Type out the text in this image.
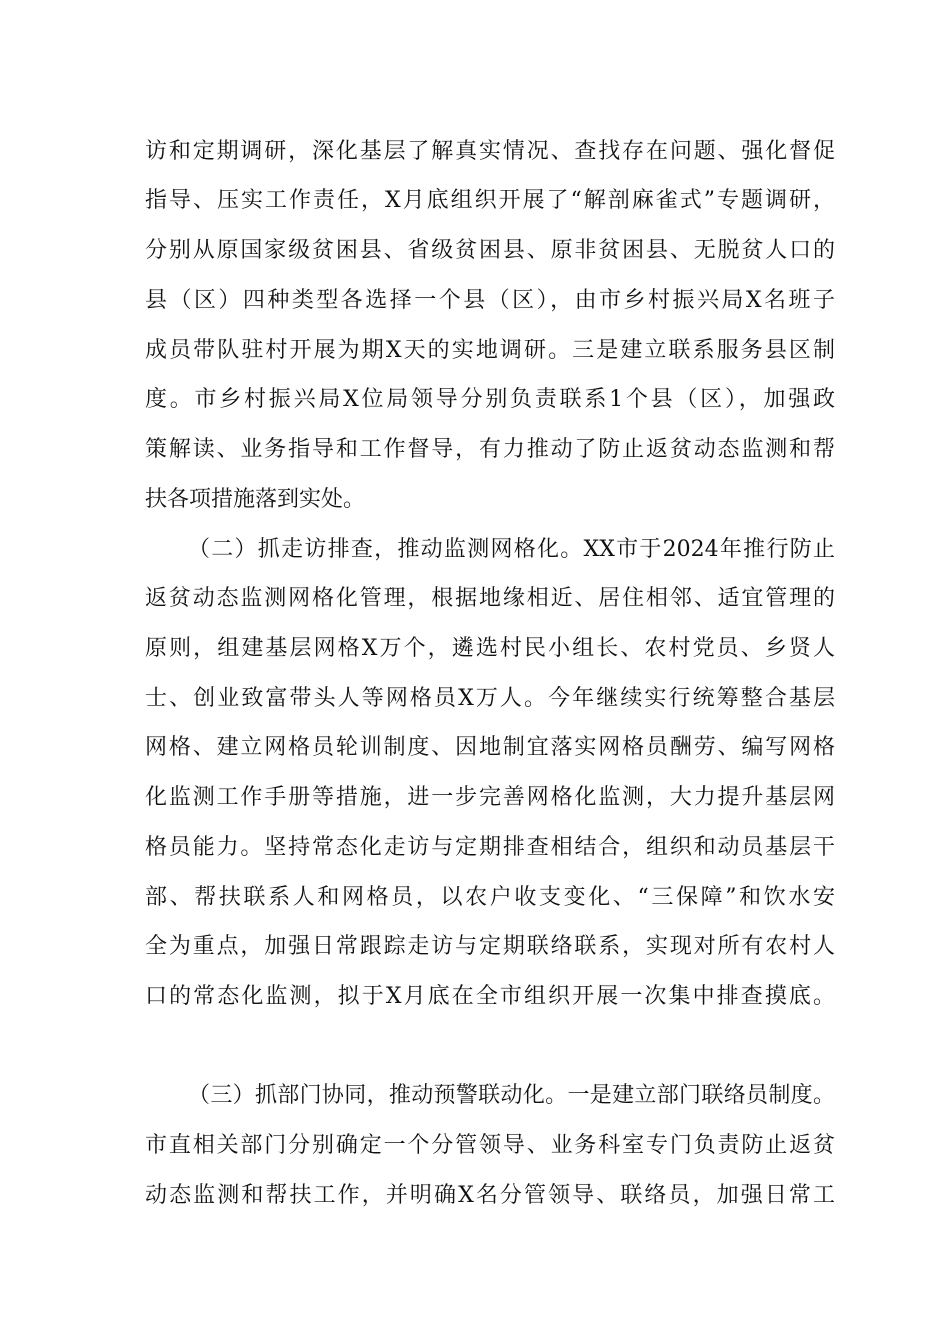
访和定期调研，深化基层了解真实情况、查找存在问题、强化督促
指导、压实工作责任，X月底组织开展了“解剖麻雀式”专题调研，
分别从原国家级贫困县、省级贫困县、原非贫困县、无脱贫人口的
县（区）四种类型各选择一个县（区），由市乡村振兴局X名班子
成员带队驻村开展为期X天的实地调研。三是建立联系服务县区制
度。市乡村振兴局X位局领导分别负责联系1个县（区），加强政
策解读、业务指导和工作督导，有力推动了防止返贫动态监测和帮
扶各项措施落到实处。
（二）抓走访排查，推动监测网格化。XX市于2024年推行防止
返贫动态监测网格化管理，根据地缘相近、居住相邻、适宜管理的
原则，组建基层网格X万个，遴选村民小组长、农村党员、乡贤人
士、创业致富带头人等网格员X万人。今年继续实行统筹整合基层
网格、建立网格员轮训制度、因地制宜落实网格员酬劳、编写网格
化监测工作手册等措施，进一步完善网格化监测，大力提升基层网
格员能力。坚持常态化走访与定期排查相结合，组织和动员基层干
部、帮扶联系人和网格员，以农户收支变化、“三保障”和饮水安
全为重点，加强日常跟踪走访与定期联络联系，实现对所有农村人
口的常态化监测，拟于X月底在全市组织开展一次集中排查摸底。
（三）抓部门协同，推动预警联动化。一是建立部门联络员制度。
市直相关部门分别确定一个分管领导、业务科室专门负责防止返贫
动态监测和帮扶工作，并明确X名分管领导、联络员，加强日常工
